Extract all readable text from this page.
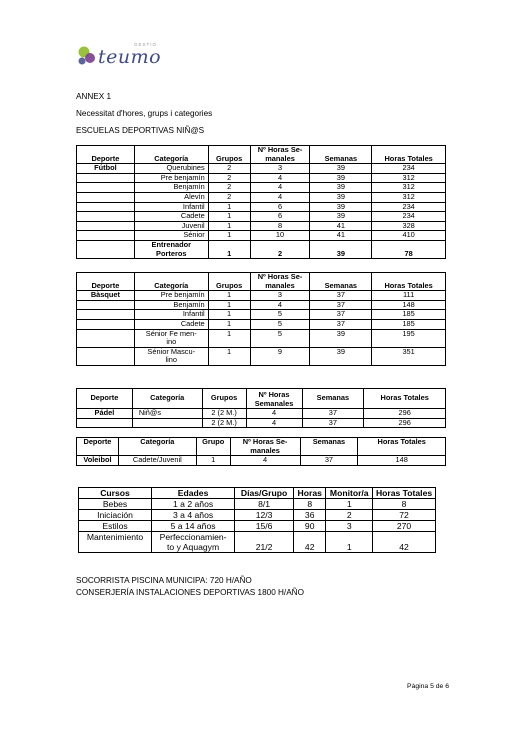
GESTIÓ
teumo
ANNEX 1
Necessitat d'hores, grups i categories
ESCUELAS DEPORTIVAS NIÑ@S
Deporte	Categoría	Grupos	Nº Horas Se-manales	Semanas	Horas Totales
Fútbol	Querubines	2	3	39	234
	Pre benjamín	2	4	39	312
	Benjamín	2	4	39	312
	Alevín	2	4	39	312
	Infantil	1	6	39	234
	Cadete	1	6	39	234
	Juvenil	1	8	41	328
	Sénior	1	10	41	410
	Entrenador Porteros	1	2	39	78
Deporte	Categoría	Grupos	Nº Horas Se-manales	Semanas	Horas Totales
Bàsquet	Pre benjamín	1	3	37	111
	Benjamín	1	4	37	148
	Infantil	1	5	37	185
	Cadete	1	5	37	185
	Sénior Fe men-ino	1	5	39	195
	Sénior Mascu-lino	1	9	39	351
Deporte	Categoría	Grupos	Nº Horas Semanales	Semanas	Horas Totales
Pádel	Niñ@s	2 (2 M.)	4	37	296
		2 (2 M.)	4	37	296
Deporte	Categoría	Grupo	Nº Horas Se-manales	Semanas	Horas Totales
Voleibol	Cadete/Juvenil	1	4	37	148
Cursos	Edades	Días/Grupo	Horas	Monitor/a	Horas Totales
Bebes	1 a 2 años	8/1	8	1	8
Iniciación	3 a 4 años	12/3	36	2	72
Estilos	5 a 14 años	15/6	90	3	270
Mantenimiento	Perfeccionamien-to y Aquagym	21/2	42	1	42
SOCORRISTA PISCINA MUNICIPA: 720 H/AÑO
CONSERJERÍA INSTALACIONES DEPORTIVAS 1800 H/AÑO
Pàgina 5 de 6
